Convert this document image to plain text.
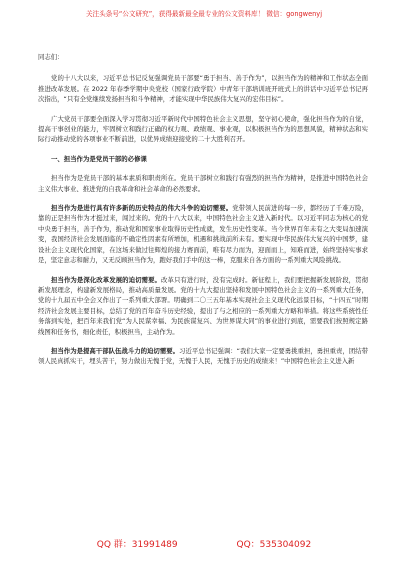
关注头条号“公文研究”，获得最新最全最专业的公文资料库！ 微信：gongwenyj

同志们：

党的十八大以来，习近平总书记反复强调党员干部要“勇于担当、善于作为”，以担当作为的精神和工作状态全面推进改革发展。在 2022 年春季学期中央党校（国家行政学院）中青年干部培训班开班式上的讲话中习近平总书记再次指出，“只有全党继续发扬担当和斗争精神，才能实现中华民族伟大复兴的宏伟目标”。

广大党员干部要全面深入学习贯彻习近平新时代中国特色社会主义思想，坚守初心使命，强化担当作为的自觉，提高干事创业的能力，牢固树立和践行正确的权力观、政绩观、事业观，以积极担当作为的思想风貌，精神状态和实际行动推动党的各项事业不断前进，以优异成绩迎接党的二十大胜利召开。

一、担当作为是党员干部的必修课

担当作为是党员干部的基本素质和职责所在。党员干部树立和践行有强烈的担当作为精神，是推进中国特色社会主义伟大事业、推进党的自我革命和社会革命的必然要求。

担当作为是进行具有许多新的历史特点的伟大斗争的迫切需要。党带领人民前进的每一步，都经历了千难万险，靠的正是担当作为才挺过来，闯过来的。党的十八大以来，中国特色社会主义进入新时代。以习近平同志为核心的党中央勇于担当，善于作为，推动党和国家事业取得历史性成就，发生历史性变革。当今世界百年未有之大变局加速演变，我国经济社会发展面临的不确定性因素有所增加，机遇和挑战前所未有。要实现中华民族伟大复兴的中国梦，建设社会主义现代化国家，在这场来做过往辉煌的接力赛面前，唯有尽力而为，迎面而上，知难而进，始终坚持实事求是，坚定意志和耐力，又无反顾担当作为，跑好我们手中的这一棒，克服来自各方面的一系列重大风险挑战。

担当作为是深化改革发展的迫切需要。改革只有进行时，没有完成时。新征程上，我们要把握新发展阶段，贯彻新发展理念，构建新发展格局，推动高质量发展。党的十九大提出坚持和发展中国特色社会主义的一系列重大任务，党的十九届五中全会又作出了一系列重大部署。明确到二〇三五年基本实现社会主义现代化远景目标，“十四五”时期经济社会发展主要目标，总结了党的百年奋斗历史经验，提出了与之相应的一系列重大方略和举措。将这些系统性任务落到实处，把百年来我们党“为人民谋幸福、为民族谋复兴、为世界谋大同”的事业进行到底，需要我们按照规定路线图和任务书，细化责任，积极担当，主动作为。

担当作为是提高干部队伍战斗力的迫切需要。习近平总书记强调：“我们大家一定要勇挑重担，勇担重责，团结带领人民真抓实干，埋头苦干，努力做出无愧于党，无愧于人民，无愧于历史的成绩来！”中国特色社会主义进入新

QQ 群：31991489	QQ：535304092
